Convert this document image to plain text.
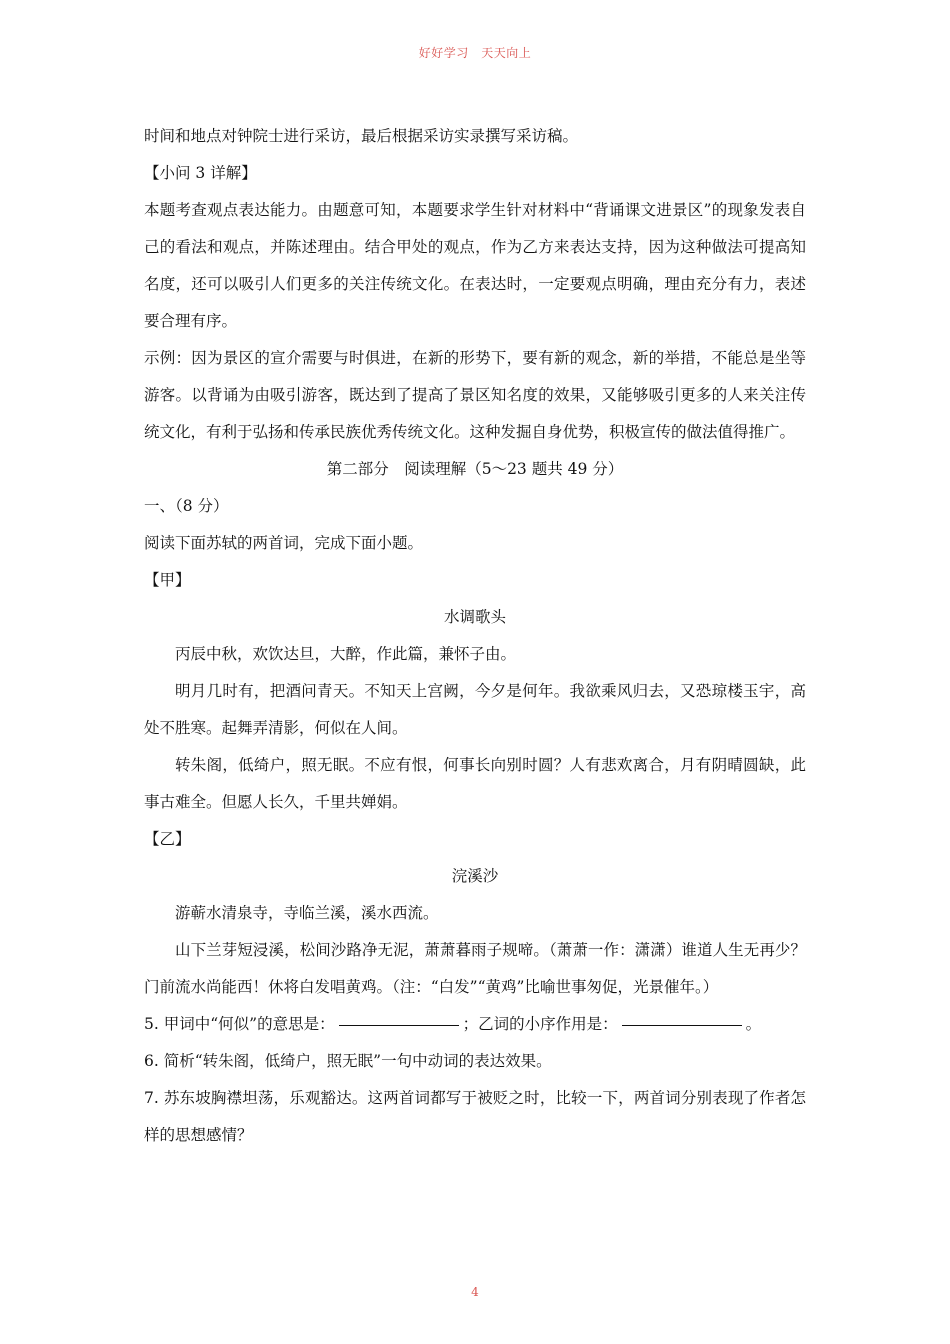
好好学习　天天向上

时间和地点对钟院士进行采访，最后根据采访实录撰写采访稿。

【小问 3 详解】

本题考查观点表达能力。由题意可知，本题要求学生针对材料中“背诵课文进景区”的现象发表自己的看法和观点，并陈述理由。结合甲处的观点，作为乙方来表达支持，因为这种做法可提高知名度，还可以吸引人们更多的关注传统文化。在表达时，一定要观点明确，理由充分有力，表述要合理有序。

示例：因为景区的宣介需要与时俱进，在新的形势下，要有新的观念，新的举措，不能总是坐等游客。以背诵为由吸引游客，既达到了提高了景区知名度的效果，又能够吸引更多的人来关注传统文化，有利于弘扬和传承民族优秀传统文化。这种发掘自身优势，积极宣传的做法值得推广。

第二部分　阅读理解（5～23 题共 49 分）

一、（8 分）

阅读下面苏轼的两首词，完成下面小题。

【甲】

水调歌头

丙辰中秋，欢饮达旦，大醉，作此篇，兼怀子由。

明月几时有，把酒问青天。不知天上宫阙，今夕是何年。我欲乘风归去，又恐琼楼玉宇，高处不胜寒。起舞弄清影，何似在人间。

转朱阁，低绮户，照无眠。不应有恨，何事长向别时圆？人有悲欢离合，月有阴晴圆缺，此事古难全。但愿人长久，千里共婵娟。

【乙】

浣溪沙

游蕲水清泉寺，寺临兰溪，溪水西流。

山下兰芽短浸溪，松间沙路净无泥，萧萧暮雨子规啼。（萧萧一作：潇潇）谁道人生无再少？门前流水尚能西！休将白发唱黄鸡。（注：“白发”“黄鸡”比喻世事匆促，光景催年。）

5. 甲词中“何似”的意思是：	；乙词的小序作用是：	。

6. 简析“转朱阁，低绮户，照无眠”一句中动词的表达效果。

7. 苏东坡胸襟坦荡，乐观豁达。这两首词都写于被贬之时，比较一下，两首词分别表现了作者怎样的思想感情？

4
